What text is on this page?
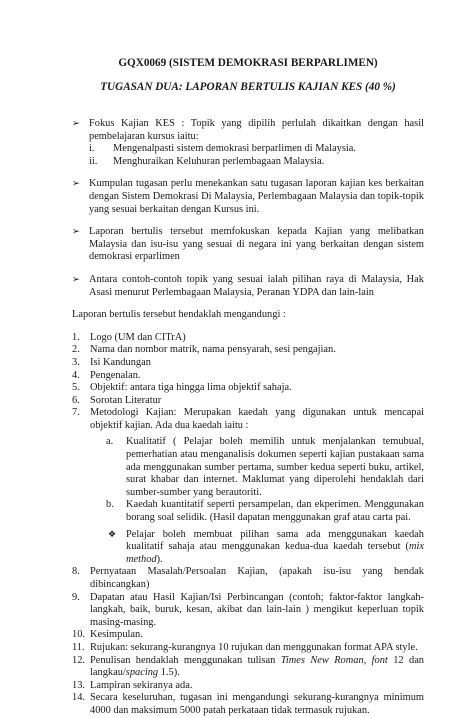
GQX0069 (SISTEM DEMOKRASI BERPARLIMEN)
TUGASAN DUA: LAPORAN BERTULIS KAJIAN KES (40 %)
➢ Fokus Kajian KES : Topik yang dipilih perlulah dikaitkan dengan hasil pembelajaran kursus iaitu:
i. Mengenalpasti sistem demokrasi berparlimen di Malaysia.
ii. Menghuraikan Keluhuran perlembagaan Malaysia.
➢ Kumpulan tugasan perlu menekankan satu tugasan laporan kajian kes berkaitan dengan Sistem Demokrasi Di Malaysia, Perlembagaan Malaysia dan topik-topik yang sesuai berkaitan dengan Kursus ini.
➢ Laporan bertulis tersebut memfokuskan kepada Kajian yang melibatkan Malaysia dan isu-isu yang sesuai di negara ini yang berkaitan dengan sistem demokrasi erparlimen
➢ Antara contoh-contoh topik yang sesuai ialah pilihan raya di Malaysia, Hak Asasi menurut Perlembagaan Malaysia, Peranan YDPA dan lain-lain
Laporan bertulis tersebut hendaklah mengandungi :
1. Logo (UM dan CITrA)
2. Nama dan nombor matrik, nama pensyarah, sesi pengajian.
3. Isi Kandungan
4. Pengenalan.
5. Objektif: antara tiga hingga lima objektif sahaja.
6. Sorotan Literatur
7. Metodologi Kajian: Merupakan kaedah yang digunakan untuk mencapai objektif kajian. Ada dua kaedah iaitu :
a. Kualitatif ( Pelajar boleh memilih untuk menjalankan temubual, pemerhatian atau menganalisis dokumen seperti kajian pustakaan sama ada menggunakan sumber pertama, sumber kedua seperti buku, artikel, surat khabar dan internet. Maklumat yang diperolehi hendaklah dari sumber-sumber yang berautoriti.
b. Kaedah kuantitatif seperti persampelan, dan ekperimen. Menggunakan borang soal selidik. (Hasil dapatan menggunakan graf atau carta pai.
❖ Pelajar boleh membuat pilihan sama ada menggunakan kaedah kualitatif sahaja atau menggunakan kedua-dua kaedah tersebut (mix method).
8. Pernyataan Masalah/Persoalan Kajian, (apakah isu-isu yang hendak dibincangkan)
9. Dapatan atau Hasil Kajian/Isi Perbincangan (contoh; faktor-faktor langkah-langkah, baik, buruk, kesan, akibat dan lain-lain ) mengikut keperluan topik masing-masing.
10. Kesimpulan.
11. Rujukan: sekurang-kurangnya 10 rujukan dan menggunakan format APA style.
12. Penulisan hendaklah menggunakan tulisan Times New Roman, font 12 dan langkau/spacing 1.5).
13. Lampiran sekiranya ada.
14. Secara keseluruhan, tugasan ini mengandungi sekurang-kurangnya minimum 4000 dan maksimum 5000 patah perkataan tidak termasuk rujukan.
